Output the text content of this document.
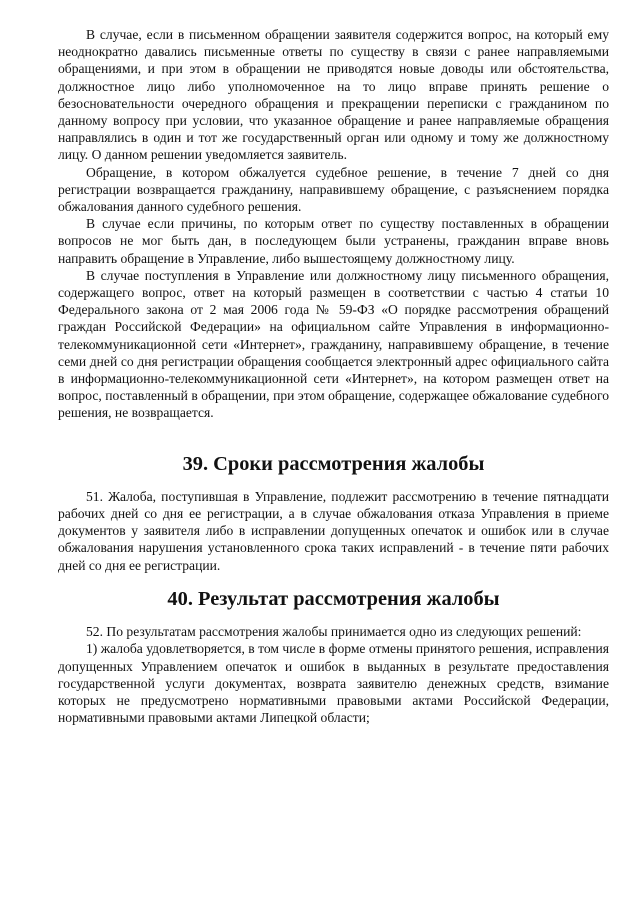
В случае, если в письменном обращении заявителя содержится вопрос, на который ему неоднократно давались письменные ответы по существу в связи с ранее направляемыми обращениями, и при этом в обращении не приводятся новые доводы или обстоятельства, должностное лицо либо уполномоченное на то лицо вправе принять решение о безосновательности очередного обращения и прекращении переписки с гражданином по данному вопросу при условии, что указанное обращение и ранее направляемые обращения направлялись в один и тот же государственный орган или одному и тому же должностному лицу. О данном решении уведомляется заявитель.

Обращение, в котором обжалуется судебное решение, в течение 7 дней со дня регистрации возвращается гражданину, направившему обращение, с разъяснением порядка обжалования данного судебного решения.

В случае если причины, по которым ответ по существу поставленных в обращении вопросов не мог быть дан, в последующем были устранены, гражданин вправе вновь направить обращение в Управление, либо вышестоящему должностному лицу.

В случае поступления в Управление или должностному лицу письменного обращения, содержащего вопрос, ответ на который размещен в соответствии с частью 4 статьи 10 Федерального закона от 2 мая 2006 года № 59-ФЗ «О порядке рассмотрения обращений граждан Российской Федерации» на официальном сайте Управления в информационно-телекоммуникационной сети «Интернет», гражданину, направившему обращение, в течение семи дней со дня регистрации обращения сообщается электронный адрес официального сайта в информационно-телекоммуникационной сети «Интернет», на котором размещен ответ на вопрос, поставленный в обращении, при этом обращение, содержащее обжалование судебного решения, не возвращается.

39. Сроки рассмотрения жалобы

51. Жалоба, поступившая в Управление, подлежит рассмотрению в течение пятнадцати рабочих дней со дня ее регистрации, а в случае обжалования отказа Управления в приеме документов у заявителя либо в исправлении допущенных опечаток и ошибок или в случае обжалования нарушения установленного срока таких исправлений - в течение пяти рабочих дней со дня ее регистрации.

40. Результат рассмотрения жалобы

52. По результатам рассмотрения жалобы принимается одно из следующих решений:

1) жалоба удовлетворяется, в том числе в форме отмены принятого решения, исправления допущенных Управлением опечаток и ошибок в выданных в результате предоставления государственной услуги документах, возврата заявителю денежных средств, взимание которых не предусмотрено нормативными правовыми актами Российской Федерации, нормативными правовыми актами Липецкой области;
